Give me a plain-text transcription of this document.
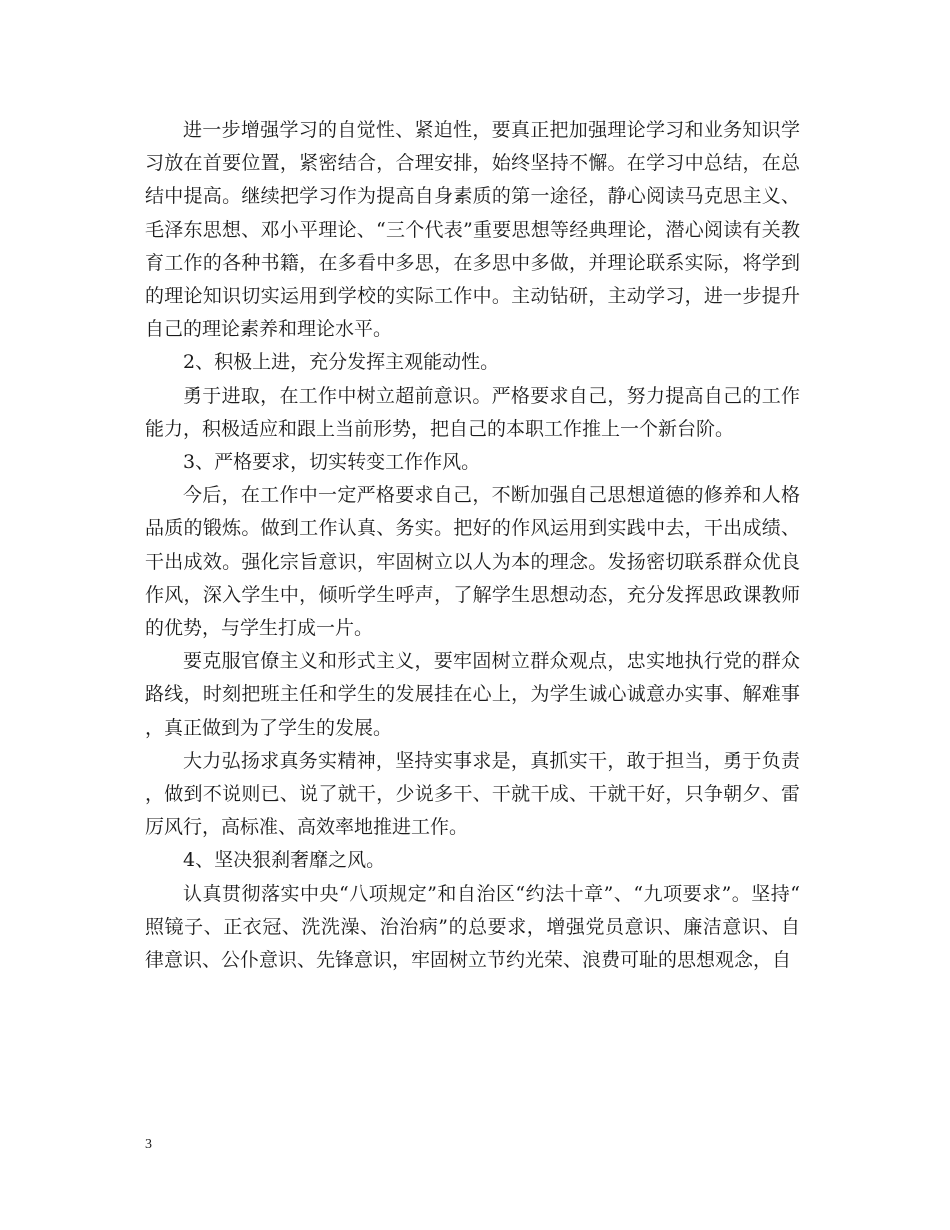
进一步增强学习的自觉性、紧迫性，要真正把加强理论学习和业务知识学习放在首要位置，紧密结合，合理安排，始终坚持不懈。在学习中总结，在总结中提高。继续把学习作为提高自身素质的第一途径，静心阅读马克思主义、毛泽东思想、邓小平理论、“三个代表”重要思想等经典理论，潜心阅读有关教育工作的各种书籍，在多看中多思，在多思中多做，并理论联系实际，将学到的理论知识切实运用到学校的实际工作中。主动钻研，主动学习，进一步提升自己的理论素养和理论水平。

2、积极上进，充分发挥主观能动性。

勇于进取，在工作中树立超前意识。严格要求自己，努力提高自己的工作能力，积极适应和跟上当前形势，把自己的本职工作推上一个新台阶。

3、严格要求，切实转变工作作风。

今后，在工作中一定严格要求自己，不断加强自己思想道德的修养和人格品质的锻炼。做到工作认真、务实。把好的作风运用到实践中去，干出成绩、干出成效。强化宗旨意识，牢固树立以人为本的理念。发扬密切联系群众优良作风，深入学生中，倾听学生呼声，了解学生思想动态，充分发挥思政课教师的优势，与学生打成一片。

要克服官僚主义和形式主义，要牢固树立群众观点，忠实地执行党的群众路线，时刻把班主任和学生的发展挂在心上，为学生诚心诚意办实事、解难事，真正做到为了学生的发展。

大力弘扬求真务实精神，坚持实事求是，真抓实干，敢于担当，勇于负责，做到不说则已、说了就干，少说多干、干就干成、干就干好，只争朝夕、雷厉风行，高标准、高效率地推进工作。

4、坚决狠刹奢靡之风。

认真贯彻落实中央“八项规定”和自治区“约法十章”、“九项要求”。坚持“照镜子、正衣冠、洗洗澡、治治病”的总要求，增强党员意识、廉洁意识、自律意识、公仆意识、先锋意识，牢固树立节约光荣、浪费可耻的思想观念，自

3
